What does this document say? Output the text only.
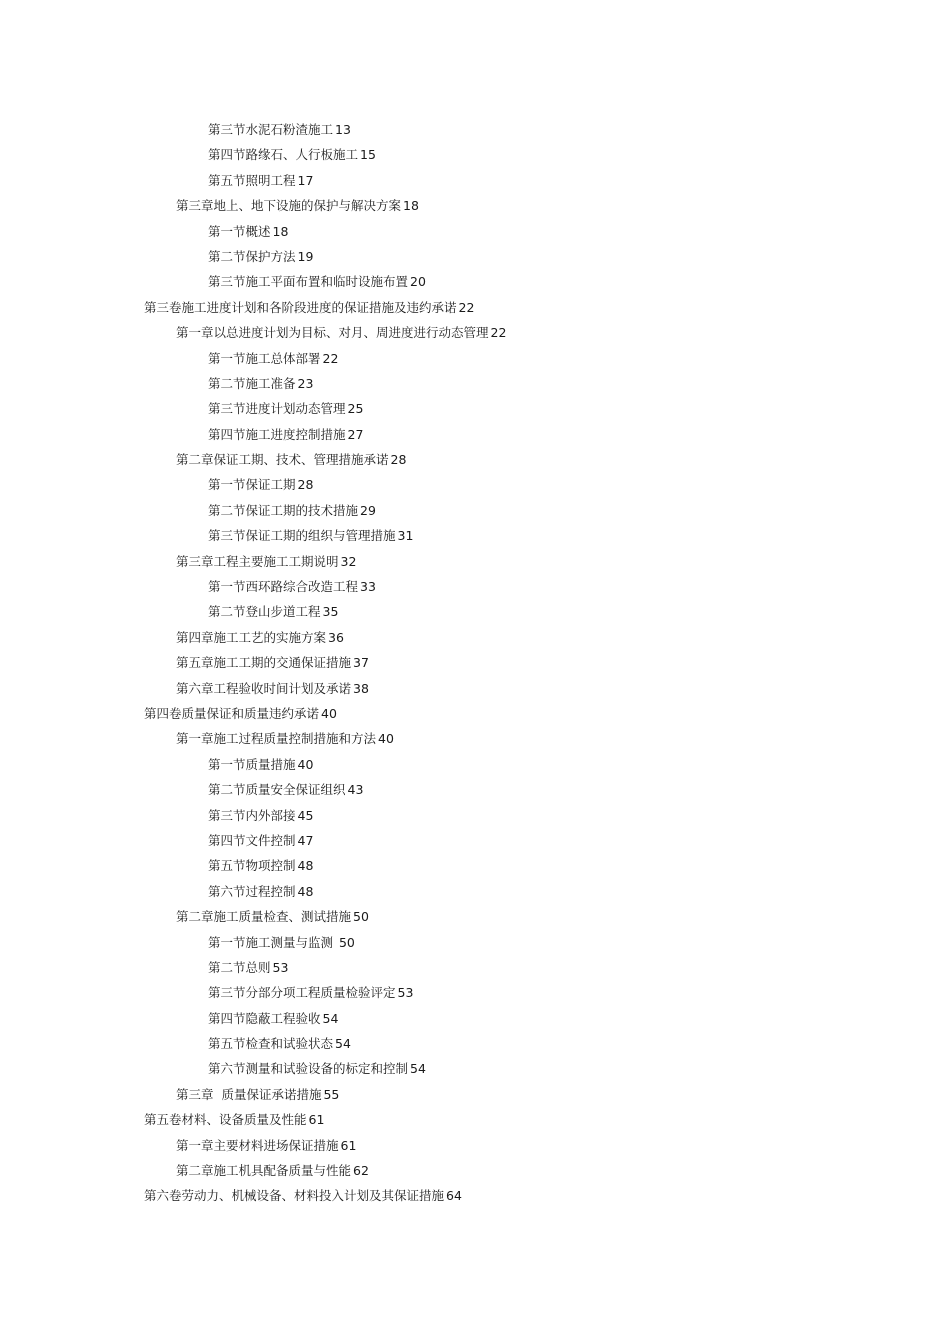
第三节水泥石粉渣施工 13
第四节路缘石、人行板施工 15
第五节照明工程 17
第三章地上、地下设施的保护与解决方案 18
第一节概述 18
第二节保护方法 19
第三节施工平面布置和临时设施布置 20
第三卷施工进度计划和各阶段进度的保证措施及违约承诺 22
第一章以总进度计划为目标、对月、周进度进行动态管理 22
第一节施工总体部署 22
第二节施工准备 23
第三节进度计划动态管理 25
第四节施工进度控制措施 27
第二章保证工期、技术、管理措施承诺 28
第一节保证工期 28
第二节保证工期的技术措施 29
第三节保证工期的组织与管理措施 31
第三章工程主要施工工期说明 32
第一节西环路综合改造工程 33
第二节登山步道工程 35
第四章施工工艺的实施方案 36
第五章施工工期的交通保证措施 37
第六章工程验收时间计划及承诺 38
第四卷质量保证和质量违约承诺 40
第一章施工过程质量控制措施和方法 40
第一节质量措施 40
第二节质量安全保证组织 43
第三节内外部接 45
第四节文件控制 47
第五节物项控制 48
第六节过程控制 48
第二章施工质量检查、测试措施 50
第一节施工测量与监测 50
第二节总则 53
第三节分部分项工程质量检验评定 53
第四节隐蔽工程验收 54
第五节检查和试验状态 54
第六节测量和试验设备的标定和控制 54
第三章  质量保证承诺措施 55
第五卷材料、设备质量及性能 61
第一章主要材料进场保证措施 61
第二章施工机具配备质量与性能 62
第六卷劳动力、机械设备、材料投入计划及其保证措施 64
